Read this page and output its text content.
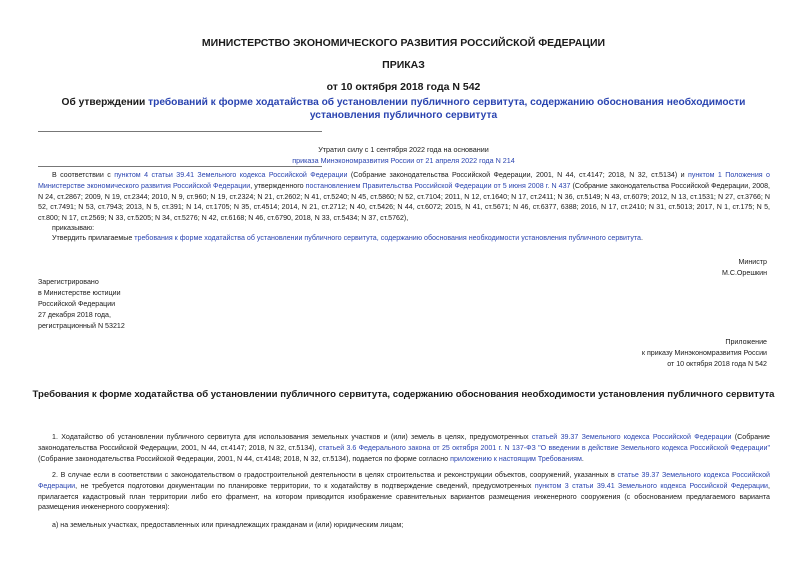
МИНИСТЕРСТВО ЭКОНОМИЧЕСКОГО РАЗВИТИЯ РОССИЙСКОЙ ФЕДЕРАЦИИ
ПРИКАЗ
от 10 октября 2018 года N 542
Об утверждении требований к форме ходатайства об установлении публичного сервитута, содержанию обоснования необходимости установления публичного сервитута
Утратил силу с 1 сентября 2022 года на основании
приказа Минэкономразвития России от 21 апреля 2022 года N 214
В соответствии с пунктом 4 статьи 39.41 Земельного кодекса Российской Федерации (Собрание законодательства Российской Федерации, 2001, N 44, ст.4147; 2018, N 32, ст.5134) и пунктом 1 Положения о Министерстве экономического развития Российской Федерации, утвержденного постановлением Правительства Российской Федерации от 5 июня 2008 г. N 437 (Собрание законодательства Российской Федерации, 2008, N 24, ст.2867; 2009, N 19, ст.2344; 2010, N 9, ст.960; N 19, ст.2324; N 21, ст.2602; N 41, ст.5240; N 45, ст.5860; N 52, ст.7104; 2011, N 12, ст.1640; N 17, ст.2411; N 36, ст.5149; N 43, ст.6079; 2012, N 13, ст.1531; N 27, ст.3766; N 52, ст.7491; N 53, ст.7943; 2013, N 5, ст.391; N 14, ст.1705; N 35, ст.4514; 2014, N 21, ст.2712; N 40, ст.5426; N 44, ст.6072; 2015, N 41, ст.5671; N 46, ст.6377, 6388; 2016, N 17, ст.2410; N 31, ст.5013; 2017, N 1, ст.175; N 5, ст.800; N 17, ст.2569; N 33, ст.5205; N 34, ст.5276; N 42, ст.6168; N 46, ст.6790, 2018, N 33, ст.5434; N 37, ст.5762),
приказываю:
Утвердить прилагаемые требования к форме ходатайства об установлении публичного сервитута, содержанию обоснования необходимости установления публичного сервитута.
Министр
М.С.Орешкин
Зарегистрировано
в Министерстве юстиции
Российской Федерации
27 декабря 2018 года,
регистрационный N 53212
Приложение
к приказу Минэкономразвития России
от 10 октября 2018 года N 542
Требования к форме ходатайства об установлении публичного сервитута, содержанию обоснования необходимости установления публичного сервитута
1. Ходатайство об установлении публичного сервитута для использования земельных участков и (или) земель в целях, предусмотренных статьей 39.37 Земельного кодекса Российской Федерации (Собрание законодательства Российской Федерации, 2001, N 44, ст.4147; 2018, N 32, ст.5134), статьей 3.6 Федерального закона от 25 октября 2001 г. N 137-ФЗ "О введении в действие Земельного кодекса Российской Федерации" (Собрание законодательства Российской Федерации, 2001, N 44, ст.4148; 2018, N 32, ст.5134), подается по форме согласно приложению к настоящим Требованиям.
2. В случае если в соответствии с законодательством о градостроительной деятельности в целях строительства и реконструкции объектов, сооружений, указанных в статье 39.37 Земельного кодекса Российской Федерации, не требуется подготовки документации по планировке территории, то к ходатайству в подтверждение сведений, предусмотренных пунктом 3 статьи 39.41 Земельного кодекса Российской Федерации, прилагается кадастровый план территории либо его фрагмент, на котором приводится изображение сравнительных вариантов размещения инженерного сооружения (с обоснованием предлагаемого варианта размещения инженерного сооружения):
а) на земельных участках, предоставленных или принадлежащих гражданам и (или) юридическим лицам;
